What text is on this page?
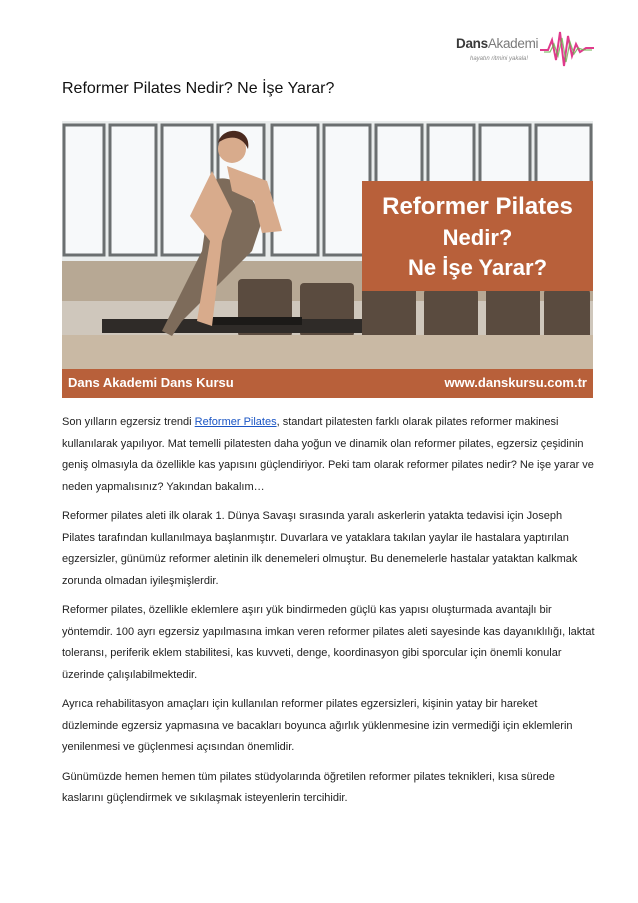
DansAkademi
hayatın ritmini yakala!
Reformer Pilates Nedir? Ne İşe Yarar?
Reformer Pilates
Nedir?
Ne İşe Yarar?
Dans Akademi Dans Kursu	www.danskursu.com.tr

Son yılların egzersiz trendi Reformer Pilates, standart pilatesten farklı olarak pilates reformer makinesi kullanılarak yapılıyor. Mat temelli pilatesten daha yoğun ve dinamik olan reformer pilates, egzersiz çeşidinin geniş olmasıyla da özellikle kas yapısını güçlendiriyor. Peki tam olarak reformer pilates nedir? Ne işe yarar ve neden yapmalısınız? Yakından bakalım…

Reformer pilates aleti ilk olarak 1. Dünya Savaşı sırasında yaralı askerlerin yatakta tedavisi için Joseph Pilates tarafından kullanılmaya başlanmıştır. Duvarlara ve yataklara takılan yaylar ile hastalara yaptırılan egzersizler, günümüz reformer aletinin ilk denemeleri olmuştur. Bu denemelerle hastalar yataktan kalkmak zorunda olmadan iyileşmişlerdir.

Reformer pilates, özellikle eklemlere aşırı yük bindirmeden güçlü kas yapısı oluşturmada avantajlı bir yöntemdir. 100 ayrı egzersiz yapılmasına imkan veren reformer pilates aleti sayesinde kas dayanıklılığı, laktat toleransı, periferik eklem stabilitesi, kas kuvveti, denge, koordinasyon gibi sporcular için önemli konular üzerinde çalışılabilmektedir.

Ayrıca rehabilitasyon amaçları için kullanılan reformer pilates egzersizleri, kişinin yatay bir hareket düzleminde egzersiz yapmasına ve bacakları boyunca ağırlık yüklenmesine izin vermediği için eklemlerin yenilenmesi ve güçlenmesi açısından önemlidir.

Günümüzde hemen hemen tüm pilates stüdyolarında öğretilen reformer pilates teknikleri, kısa sürede kaslarını güçlendirmek ve sıkılaşmak isteyenlerin tercihidir.
